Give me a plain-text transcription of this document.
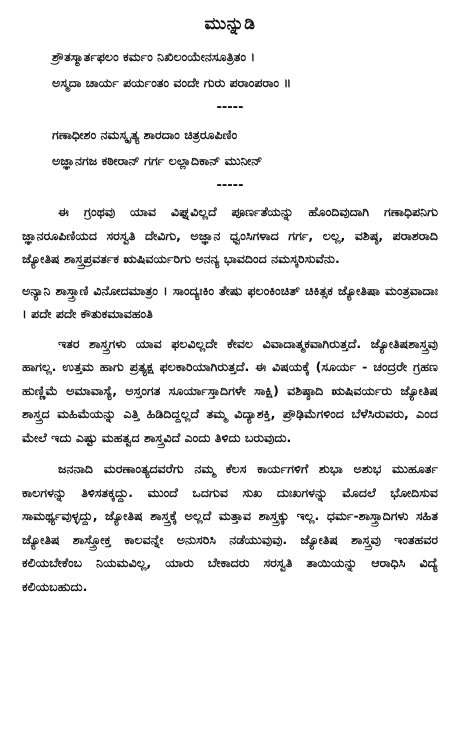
ಮುನ್ನುಡಿ
ಶ್ರೌತಸ್ಮಾರ್ತಫಲಂ ಕರ್ಮಂ ನಿಖಿಲಂಯೇನಸೂತ್ರಿತಂ ।
ಅಸ್ಮದಾ ಚಾರ್ಯ ಪರ್ಯಂತಂ ವಂದೇ ಗುರು ಪರಾಂಪರಾಂ ॥
-----
ಗಣಾಧೀಶಂ ನಮಸ್ಕೃತ್ಯ ಶಾರದಾಂ ಚಿತ್ರರೂಪಿಣಿಂ
ಅಜ್ಞಾನಗಜ ಕಠೀರಾನ್ ಗರ್ಗ ಲಲ್ಲಾದಿಕಾನ್ ಮುನೀನ್
-----

ಈ ಗ್ರಂಥವು ಯಾವ ವಿಘ್ನವಿಲ್ಲದೆ ಪೂರ್ಣತೆಯನ್ನು ಹೊಂದಿವುದಾಗಿ ಗಣಾಧಿಪನಿಗು ಜ್ಞಾನರೂಪಿಣಿಯದ ಸರಸ್ವತಿ ದೇವಿಗು, ಅಜ್ಞಾನ ಧ್ವಂಸಿಗಳಾದ ಗರ್ಗ, ಲಲ್ಲ, ವಶಿಷ್ಠ, ಪರಾಶರಾದಿ ಜ್ಯೋತಿಷ ಶಾಸ್ತ್ರಪ್ರವರ್ತಕ ಋಷಿವರ್ಯರಿಗು ಅನನ್ಯ ಭಾವದಿಂದ ನಮಸ್ಕರಿಸುವೆನು.

ಅನ್ಯಾನಿ ಶಾಸ್ತ್ರಾಣಿ ವಿನೋದಮಾತ್ರಂ । ಸಾಂದ್ಯಃಕಿಂ ತೇಷು ಫಲಂಕಿಂಚಿತ್ ಚಿಕಿತ್ಸಕ ಜ್ಯೋತಿಷಾ ಮಂತ್ರವಾದಾಃ । ಪದೇ ಪದೇ ಕೌತುಕಮಾವಹಂತಿ

ಇತರ ಶಾಸ್ತ್ರಗಳು ಯಾವ ಫಲವಿಲ್ಲದೇ ಕೇವಲ ವಿವಾದಾತ್ಮಕವಾಗಿರುತ್ತದೆ. ಜ್ಯೋತಿಷಶಾಸ್ತ್ರವು ಹಾಗಲ್ಲ. ಉತ್ತಮ ಹಾಗು ಪ್ರತ್ಯಕ್ಷ ಫಲಕಾರಿಯಾಗಿರುತ್ತದೆ. ಈ ವಿಷಯಕ್ಕೆ (ಸೂರ್ಯ - ಚಂದ್ರರೇ ಗ್ರಹಣ ಹುಣ್ಣಿಮೆ ಅಮಾವಾಸ್ಯೆ, ಅಸ್ತಂಗತ ಸೂರ್ಯಾಸ್ತಾದಿಗಳೇ ಸಾಕ್ಷಿ) ವಶಿಷ್ಠಾದಿ ಋಷಿವರ್ಯರು ಜ್ಯೋತಿಷ ಶಾಸ್ತ್ರದ ಮಹಿಮೆಯನ್ನು ಎತ್ತಿ ಹಿಡಿದಿದ್ದಲ್ಲದೆ ತಮ್ಮ ವಿದ್ಯಾಶಕ್ತಿ, ಪ್ರೌಢಿಮೆಗಳಿಂದ ಬೆಳೆಸಿರುವರು, ಎಂದ ಮೇಲೆ ಇದು ಎಷ್ಟು ಮಹತ್ವದ ಶಾಸ್ತ್ರವಿದೆ ಎಂದು ತಿಳಿದು ಬರುವುದು.

ಜನನಾದಿ ಮರಣಾಂತ್ಯದವರೆಗು ನಮ್ಮ ಕೆಲಸ ಕಾರ್ಯಗಳಿಗೆ ಶುಭಾ ಅಶುಭ ಮುಹೂರ್ತ ಕಾಲಗಳನ್ನು ತಿಳಿಸತಕ್ಕದ್ದು. ಮುಂದೆ ಒದಗುವ ಸುಖ ದುಃಖಗಳನ್ನು ಮೊದಲೆ ಭೋದಿಸುವ ಸಾಮರ್ಥ್ಯವುಳ್ಳದ್ದು, ಜ್ಯೋತಿಷ ಶಾಸ್ತ್ರಕ್ಕೆ ಅಲ್ಲದೆ ಮತ್ತಾವ ಶಾಸ್ತ್ರಕ್ಕು ಇಲ್ಲ. ಧರ್ಮ-ಶಾಸ್ತ್ರಾದಿಗಳು ಸಹಿತ ಜ್ಯೋತಿಷ ಶಾಸ್ತ್ರೋಕ್ತ ಕಾಲವನ್ನೇ ಅನುಸರಿಸಿ ನಡೆಯುವುವು. ಜ್ಯೋತಿಷ ಶಾಸ್ತ್ರವು ಇಂತಹವರ ಕಲಿಯಬೇಕೆಂಬ ನಿಯಮವಿಲ್ಲ, ಯಾರು ಬೇಕಾದರು ಸರಸ್ವತಿ ತಾಯಿಯನ್ನು ಆರಾಧಿಸಿ ವಿದ್ಯೆ ಕಲಿಯಬಹುದು.
